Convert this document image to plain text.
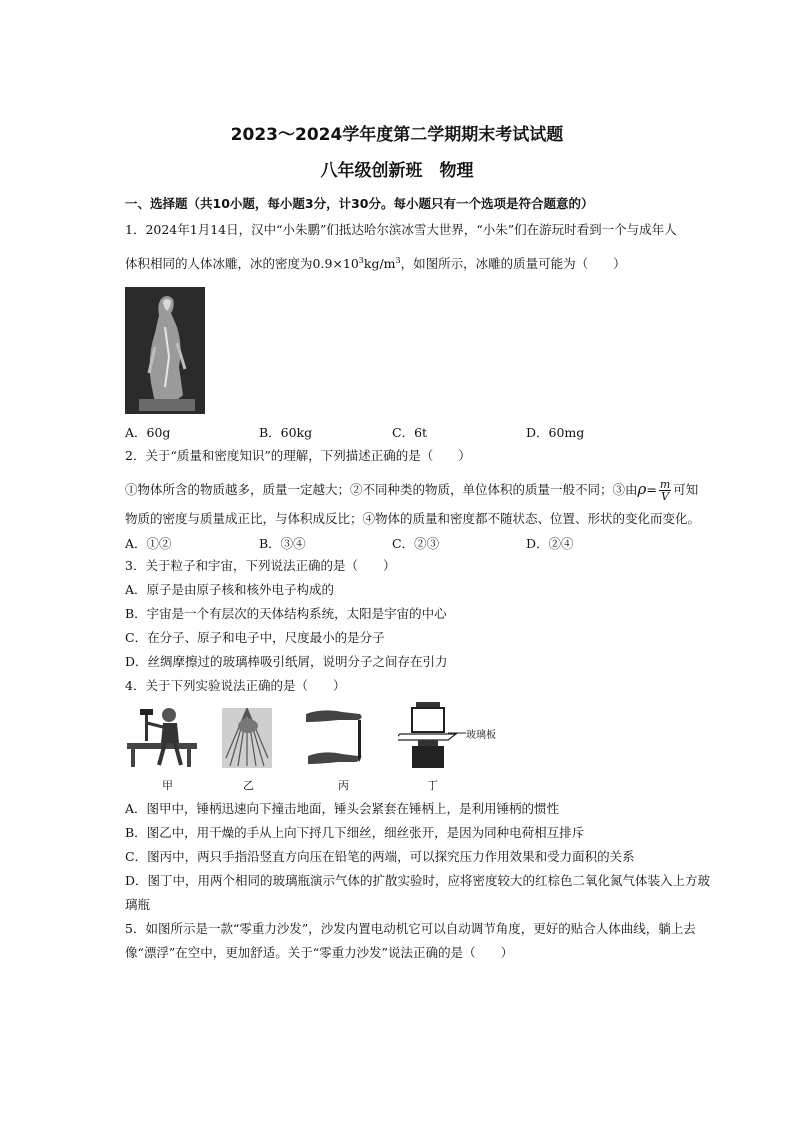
2023～2024学年度第二学期期末考试试题
八年级创新班　物理
一、选择题（共10小题，每小题3分，计30分。每小题只有一个选项是符合题意的）
1．2024年1月14日，汉中“小朱鹏”们抵达哈尔滨冰雪大世界，“小朱”们在游玩时看到一个与成年人
体积相同的人体冰雕，冰的密度为$0.9\times 10^3kg/m^3$，如图所示，冰雕的质量可能为（　　）
A．60g	B．60kg	C．6t	D．60mg
2．关于“质量和密度知识”的理解，下列描述正确的是（　　）
①物体所含的物质越多，质量一定越大；②不同种类的物质，单位体积的质量一般不同；③由$\rho= \frac{m}{V}$ 可知
物质的密度与质量成正比，与体积成反比；④物体的质量和密度都不随状态、位置、形状的变化而变化。
A．①②	B．③④	C．②③	D．②④
3．关于粒子和宇宙，下列说法正确的是（　　）
A．原子是由原子核和核外电子构成的
B．宇宙是一个有层次的天体结构系统，太阳是宇宙的中心
C．在分子、原子和电子中，尺度最小的是分子
D．丝绸摩擦过的玻璃棒吸引纸屑，说明分子之间存在引力
4．关于下列实验说法正确的是（　　）
甲	乙	丙	丁
玻璃板
A．图甲中，锤柄迅速向下撞击地面，锤头会紧套在锤柄上，是利用锤柄的惯性
B．图乙中，用干燥的手从上向下捋几下细丝，细丝张开，是因为同种电荷相互排斥
C．图丙中，两只手指沿竖直方向压在铅笔的两端，可以探究压力作用效果和受力面积的关系
D．图丁中，用两个相同的玻璃瓶演示气体的扩散实验时，应将密度较大的红棕色二氧化氮气体装入上方玻
璃瓶
5．如图所示是一款“零重力沙发”，沙发内置电动机它可以自动调节角度，更好的贴合人体曲线，躺上去
像“漂浮”在空中，更加舒适。关于“零重力沙发”说法正确的是（　　）
